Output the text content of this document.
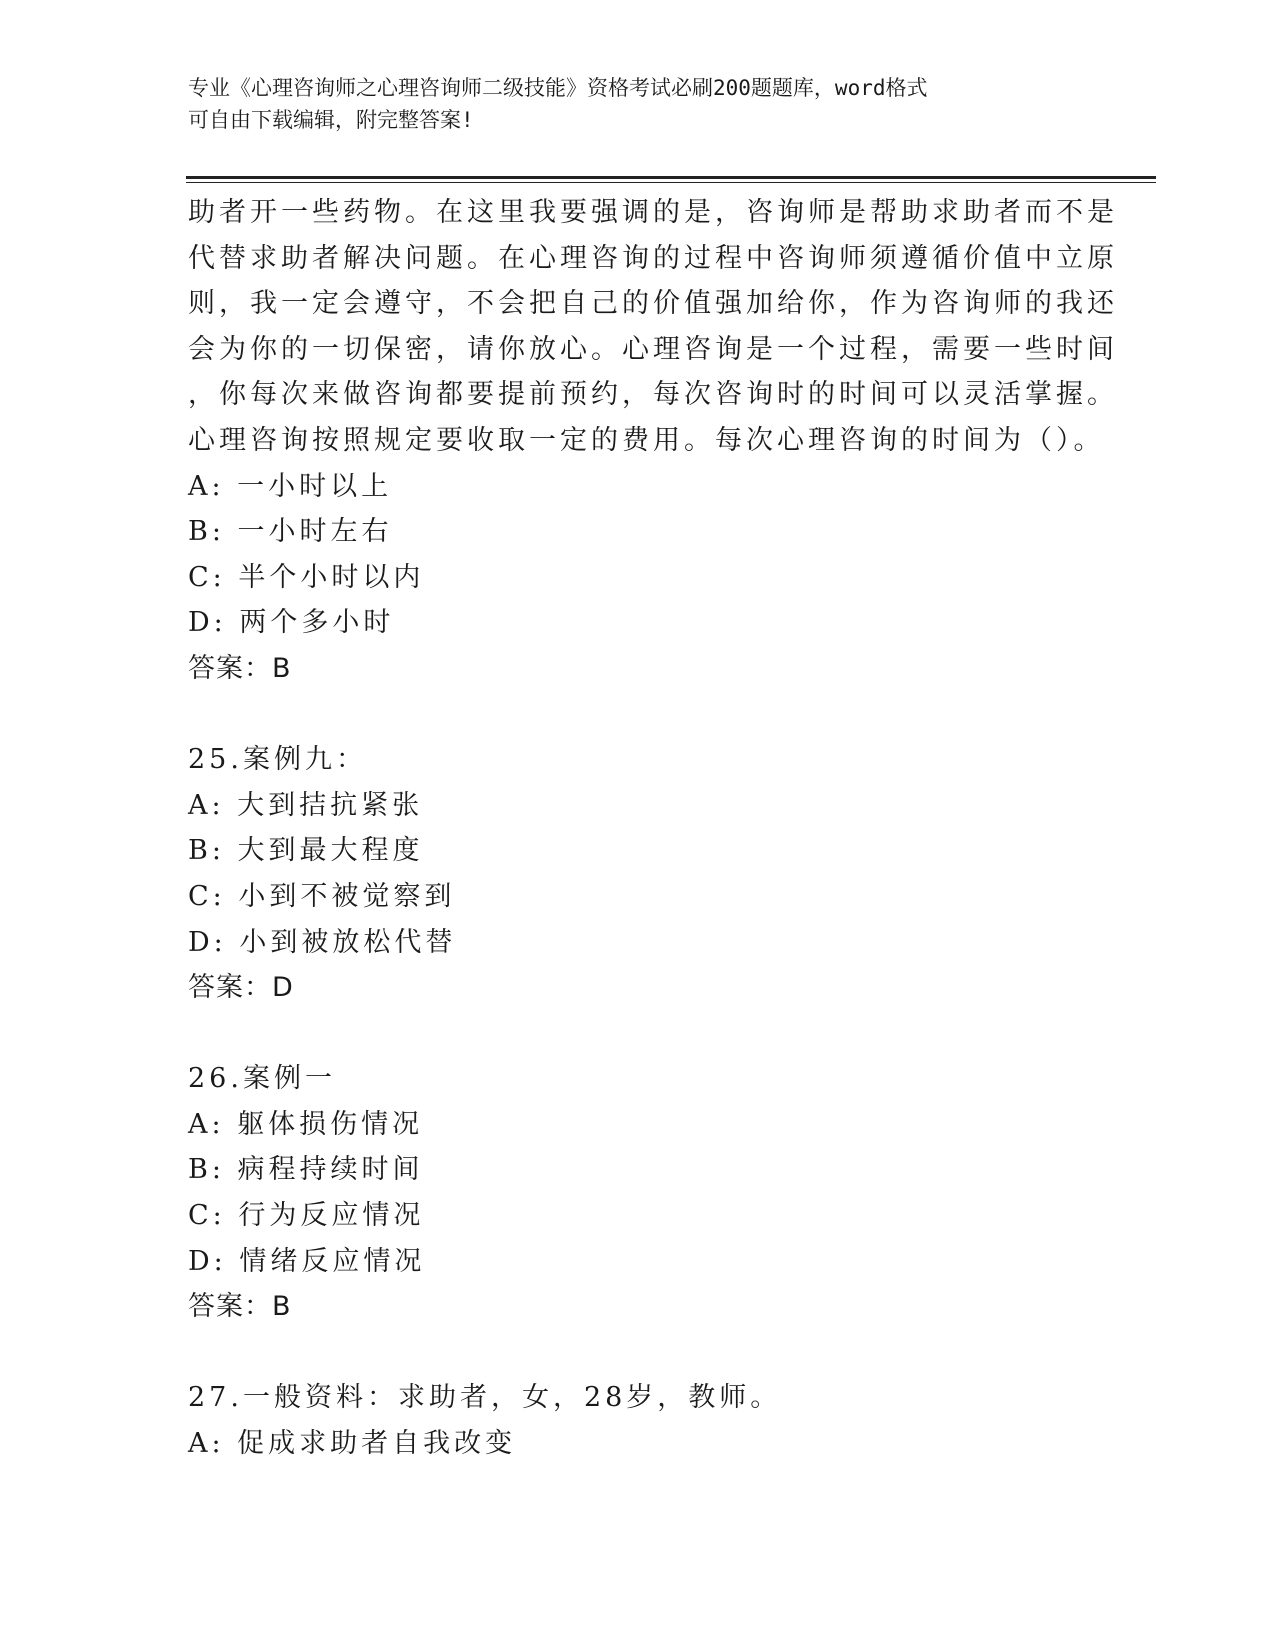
专业《心理咨询师之心理咨询师二级技能》资格考试必刷200题题库，word格式
可自由下载编辑，附完整答案!
助者开一些药物。在这里我要强调的是，咨询师是帮助求助者而不是
代替求助者解决问题。在心理咨询的过程中咨询师须遵循价值中立原
则，我一定会遵守，不会把自己的价值强加给你，作为咨询师的我还
会为你的一切保密，请你放心。心理咨询是一个过程，需要一些时间
，你每次来做咨询都要提前预约，每次咨询时的时间可以灵活掌握。
心理咨询按照规定要收取一定的费用。每次心理咨询的时间为（）。
A: 一小时以上
B: 一小时左右
C: 半个小时以内
D: 两个多小时
答案：B
25.案例九：
A: 大到拮抗紧张
B: 大到最大程度
C: 小到不被觉察到
D: 小到被放松代替
答案：D
26.案例一
A: 躯体损伤情况
B: 病程持续时间
C: 行为反应情况
D: 情绪反应情况
答案：B
27.一般资料：求助者，女，28岁，教师。
A: 促成求助者自我改变
